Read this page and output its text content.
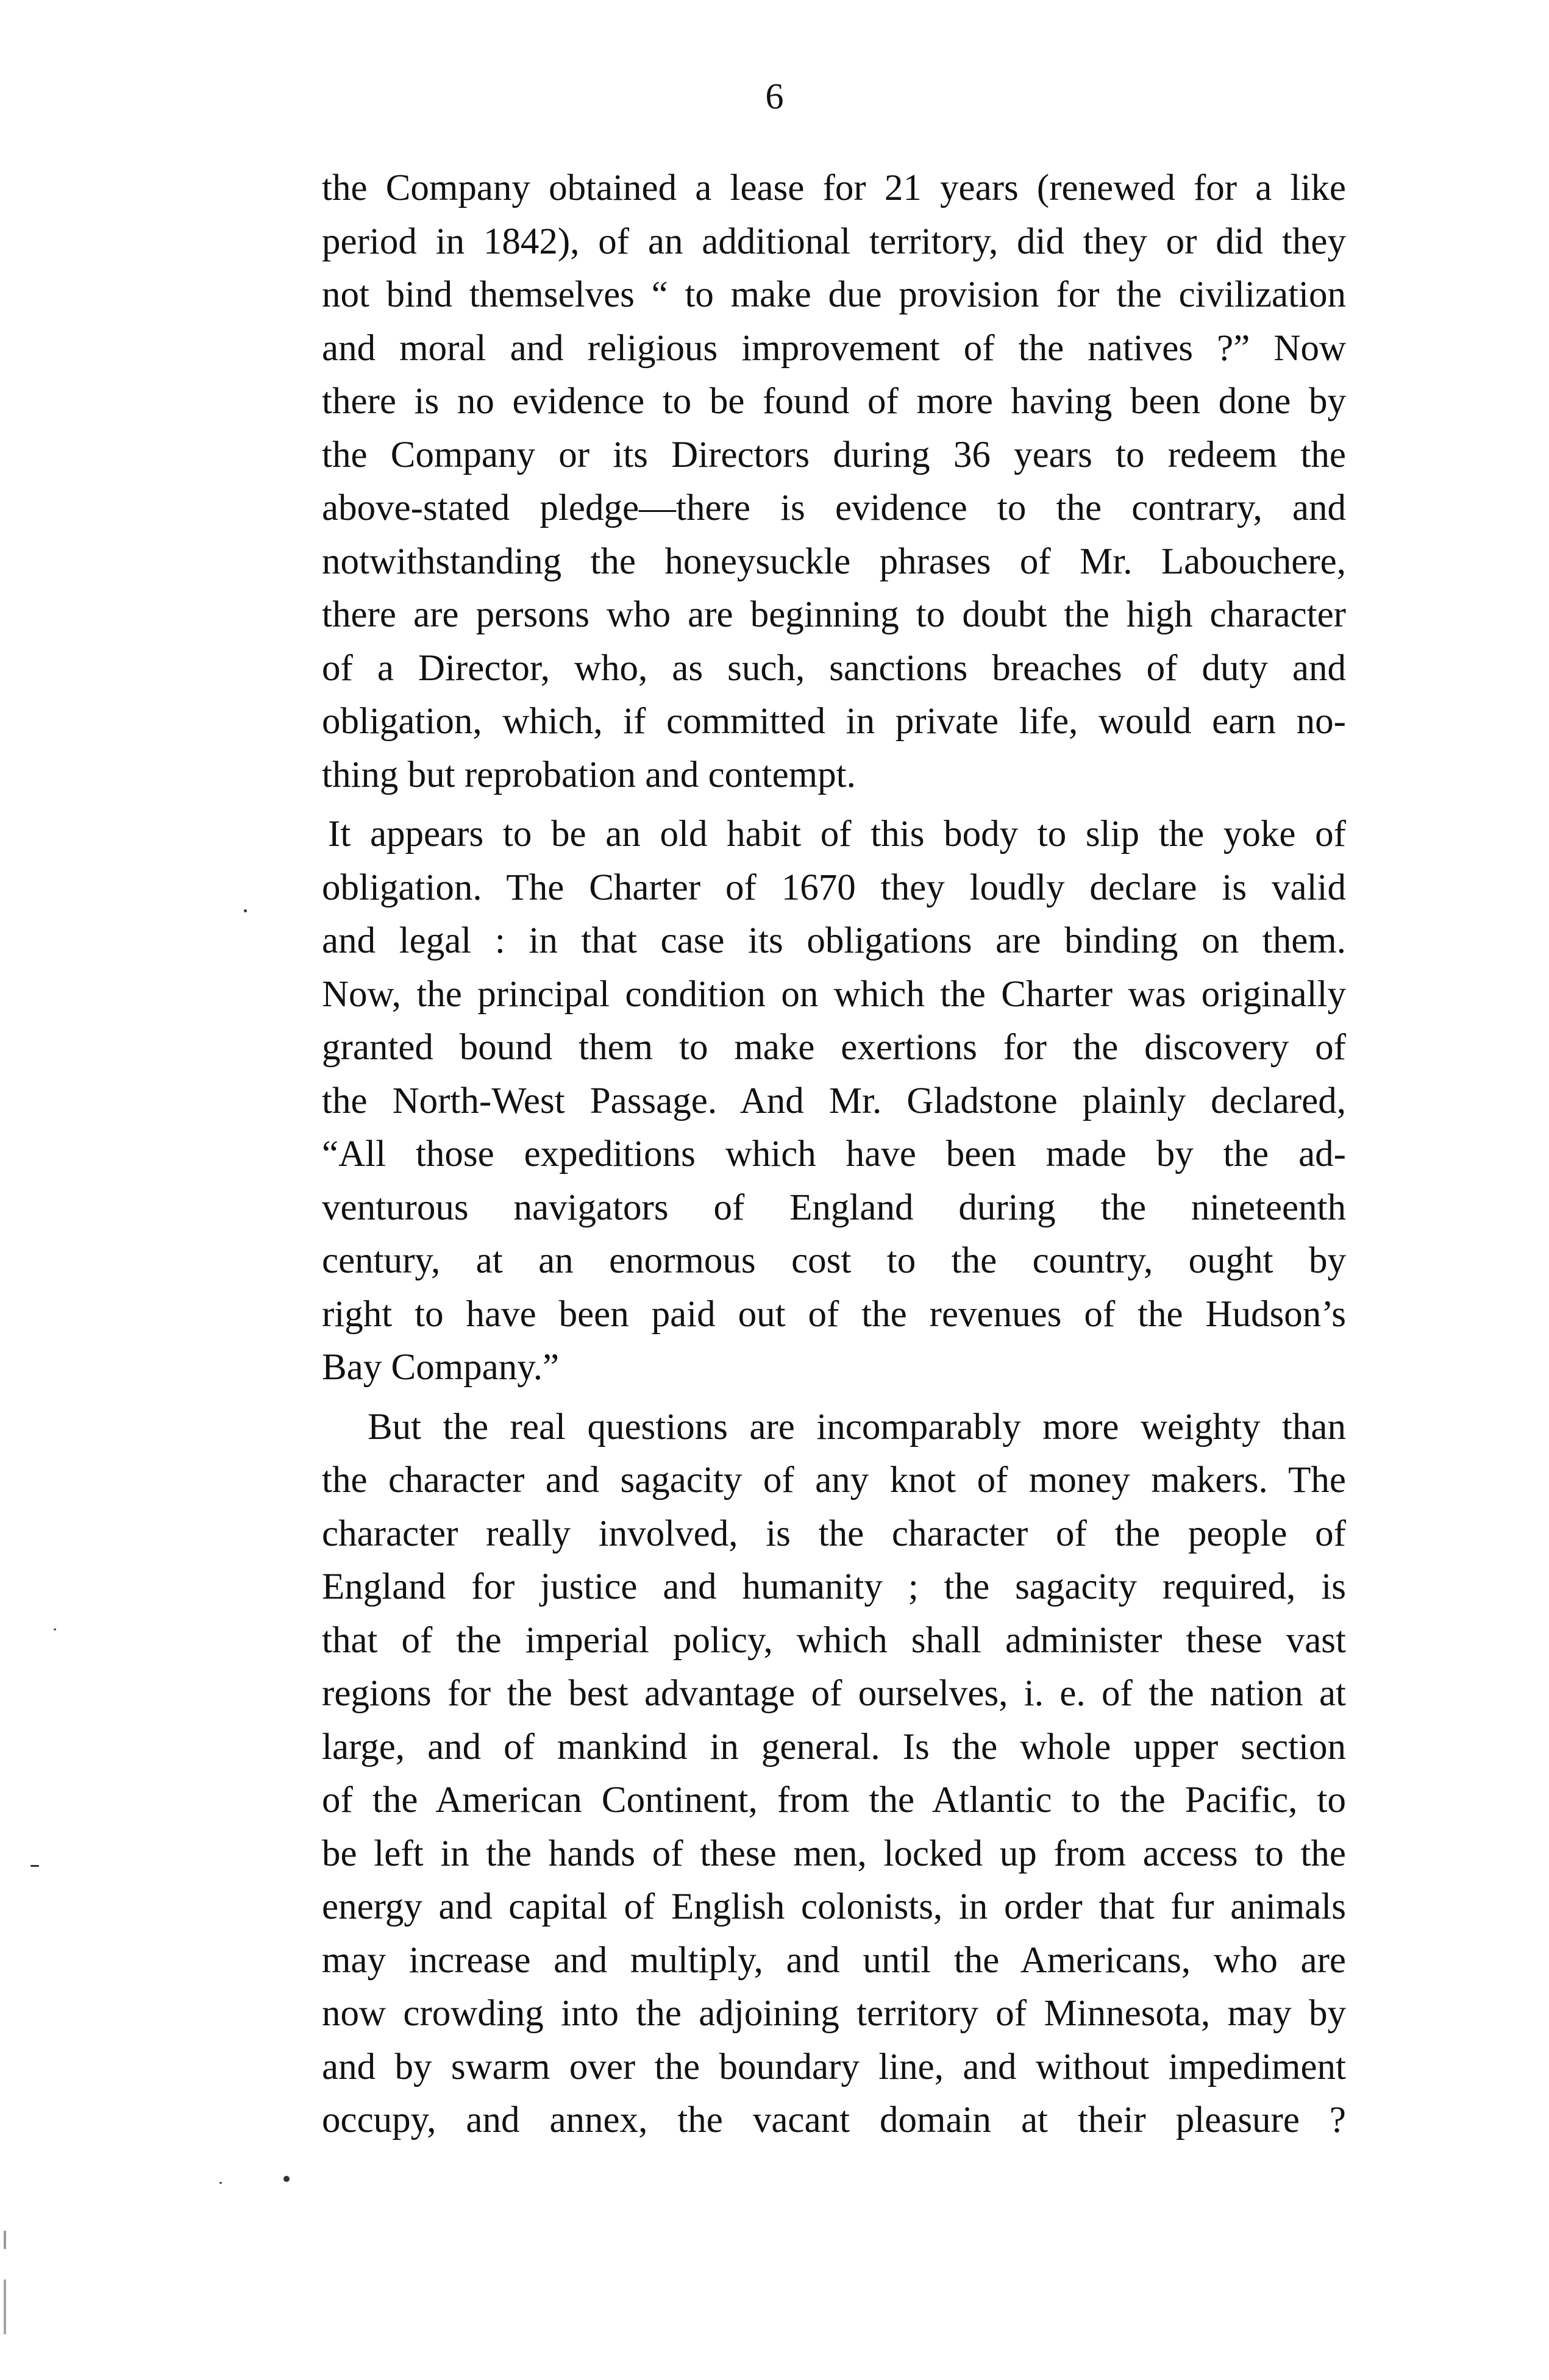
6
the Company obtained a lease for 21 years (renewed for a like
period in 1842), of an additional territory, did they or did they
not bind themselves “ to make due provision for the civilization
and moral and religious improvement of the natives ?” Now
there is no evidence to be found of more having been done by
the Company or its Directors during 36 years to redeem the
above-stated pledge—there is evidence to the contrary, and
notwithstanding the honeysuckle phrases of Mr. Labouchere,
there are persons who are beginning to doubt the high character
of a Director, who, as such, sanctions breaches of duty and
obligation, which, if committed in private life, would earn no-
thing but reprobation and contempt.
It appears to be an old habit of this body to slip the yoke of
obligation. The Charter of 1670 they loudly declare is valid
and legal : in that case its obligations are binding on them.
Now, the principal condition on which the Charter was originally
granted bound them to make exertions for the discovery of
the North-West Passage. And Mr. Gladstone plainly declared,
“All those expeditions which have been made by the ad-
venturous navigators of England during the nineteenth
century, at an enormous cost to the country, ought by
right to have been paid out of the revenues of the Hudson’s
Bay Company.”
But the real questions are incomparably more weighty than
the character and sagacity of any knot of money makers. The
character really involved, is the character of the people of
England for justice and humanity ; the sagacity required, is
that of the imperial policy, which shall administer these vast
regions for the best advantage of ourselves, i. e. of the nation at
large, and of mankind in general. Is the whole upper section
of the American Continent, from the Atlantic to the Pacific, to
be left in the hands of these men, locked up from access to the
energy and capital of English colonists, in order that fur animals
may increase and multiply, and until the Americans, who are
now crowding into the adjoining territory of Minnesota, may by
and by swarm over the boundary line, and without impediment
occupy, and annex, the vacant domain at their pleasure ?
